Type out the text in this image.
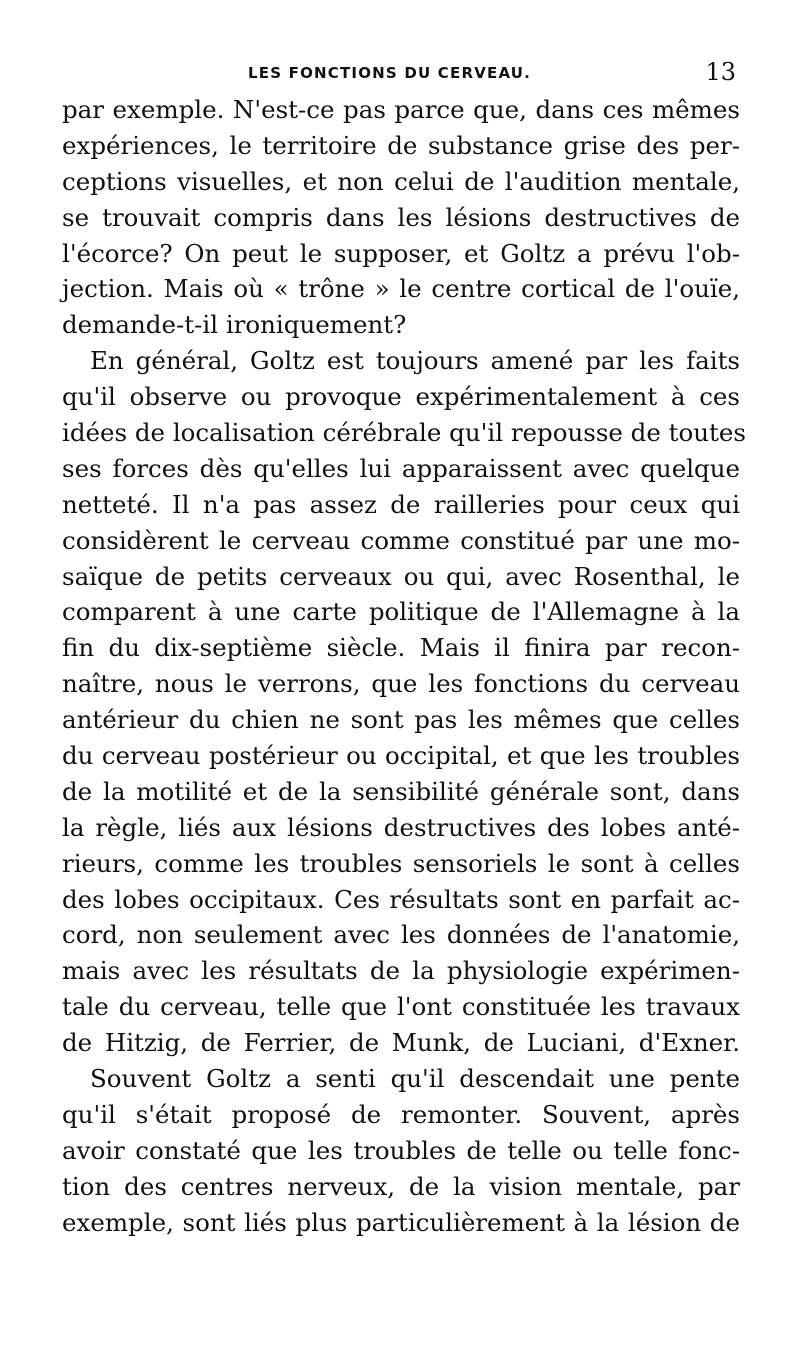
LES FONCTIONS DU CERVEAU.	13
par exemple. N'est-ce pas parce que, dans ces mêmes
expériences, le territoire de substance grise des per-
ceptions visuelles, et non celui de l'audition mentale,
se trouvait compris dans les lésions destructives de
l'écorce? On peut le supposer, et Goltz a prévu l'ob-
jection. Mais où « trône » le centre cortical de l'ouïe,
demande-t-il ironiquement?
En général, Goltz est toujours amené par les faits
qu'il observe ou provoque expérimentalement à ces
idées de localisation cérébrale qu'il repousse de toutes
ses forces dès qu'elles lui apparaissent avec quelque
netteté. Il n'a pas assez de railleries pour ceux qui
considèrent le cerveau comme constitué par une mo-
saïque de petits cerveaux ou qui, avec Rosenthal, le
comparent à une carte politique de l'Allemagne à la
fin du dix-septième siècle. Mais il finira par recon-
naître, nous le verrons, que les fonctions du cerveau
antérieur du chien ne sont pas les mêmes que celles
du cerveau postérieur ou occipital, et que les troubles
de la motilité et de la sensibilité générale sont, dans
la règle, liés aux lésions destructives des lobes anté-
rieurs, comme les troubles sensoriels le sont à celles
des lobes occipitaux. Ces résultats sont en parfait ac-
cord, non seulement avec les données de l'anatomie,
mais avec les résultats de la physiologie expérimen-
tale du cerveau, telle que l'ont constituée les travaux
de Hitzig, de Ferrier, de Munk, de Luciani, d'Exner.
Souvent Goltz a senti qu'il descendait une pente
qu'il s'était proposé de remonter. Souvent, après
avoir constaté que les troubles de telle ou telle fonc-
tion des centres nerveux, de la vision mentale, par
exemple, sont liés plus particulièrement à la lésion de
